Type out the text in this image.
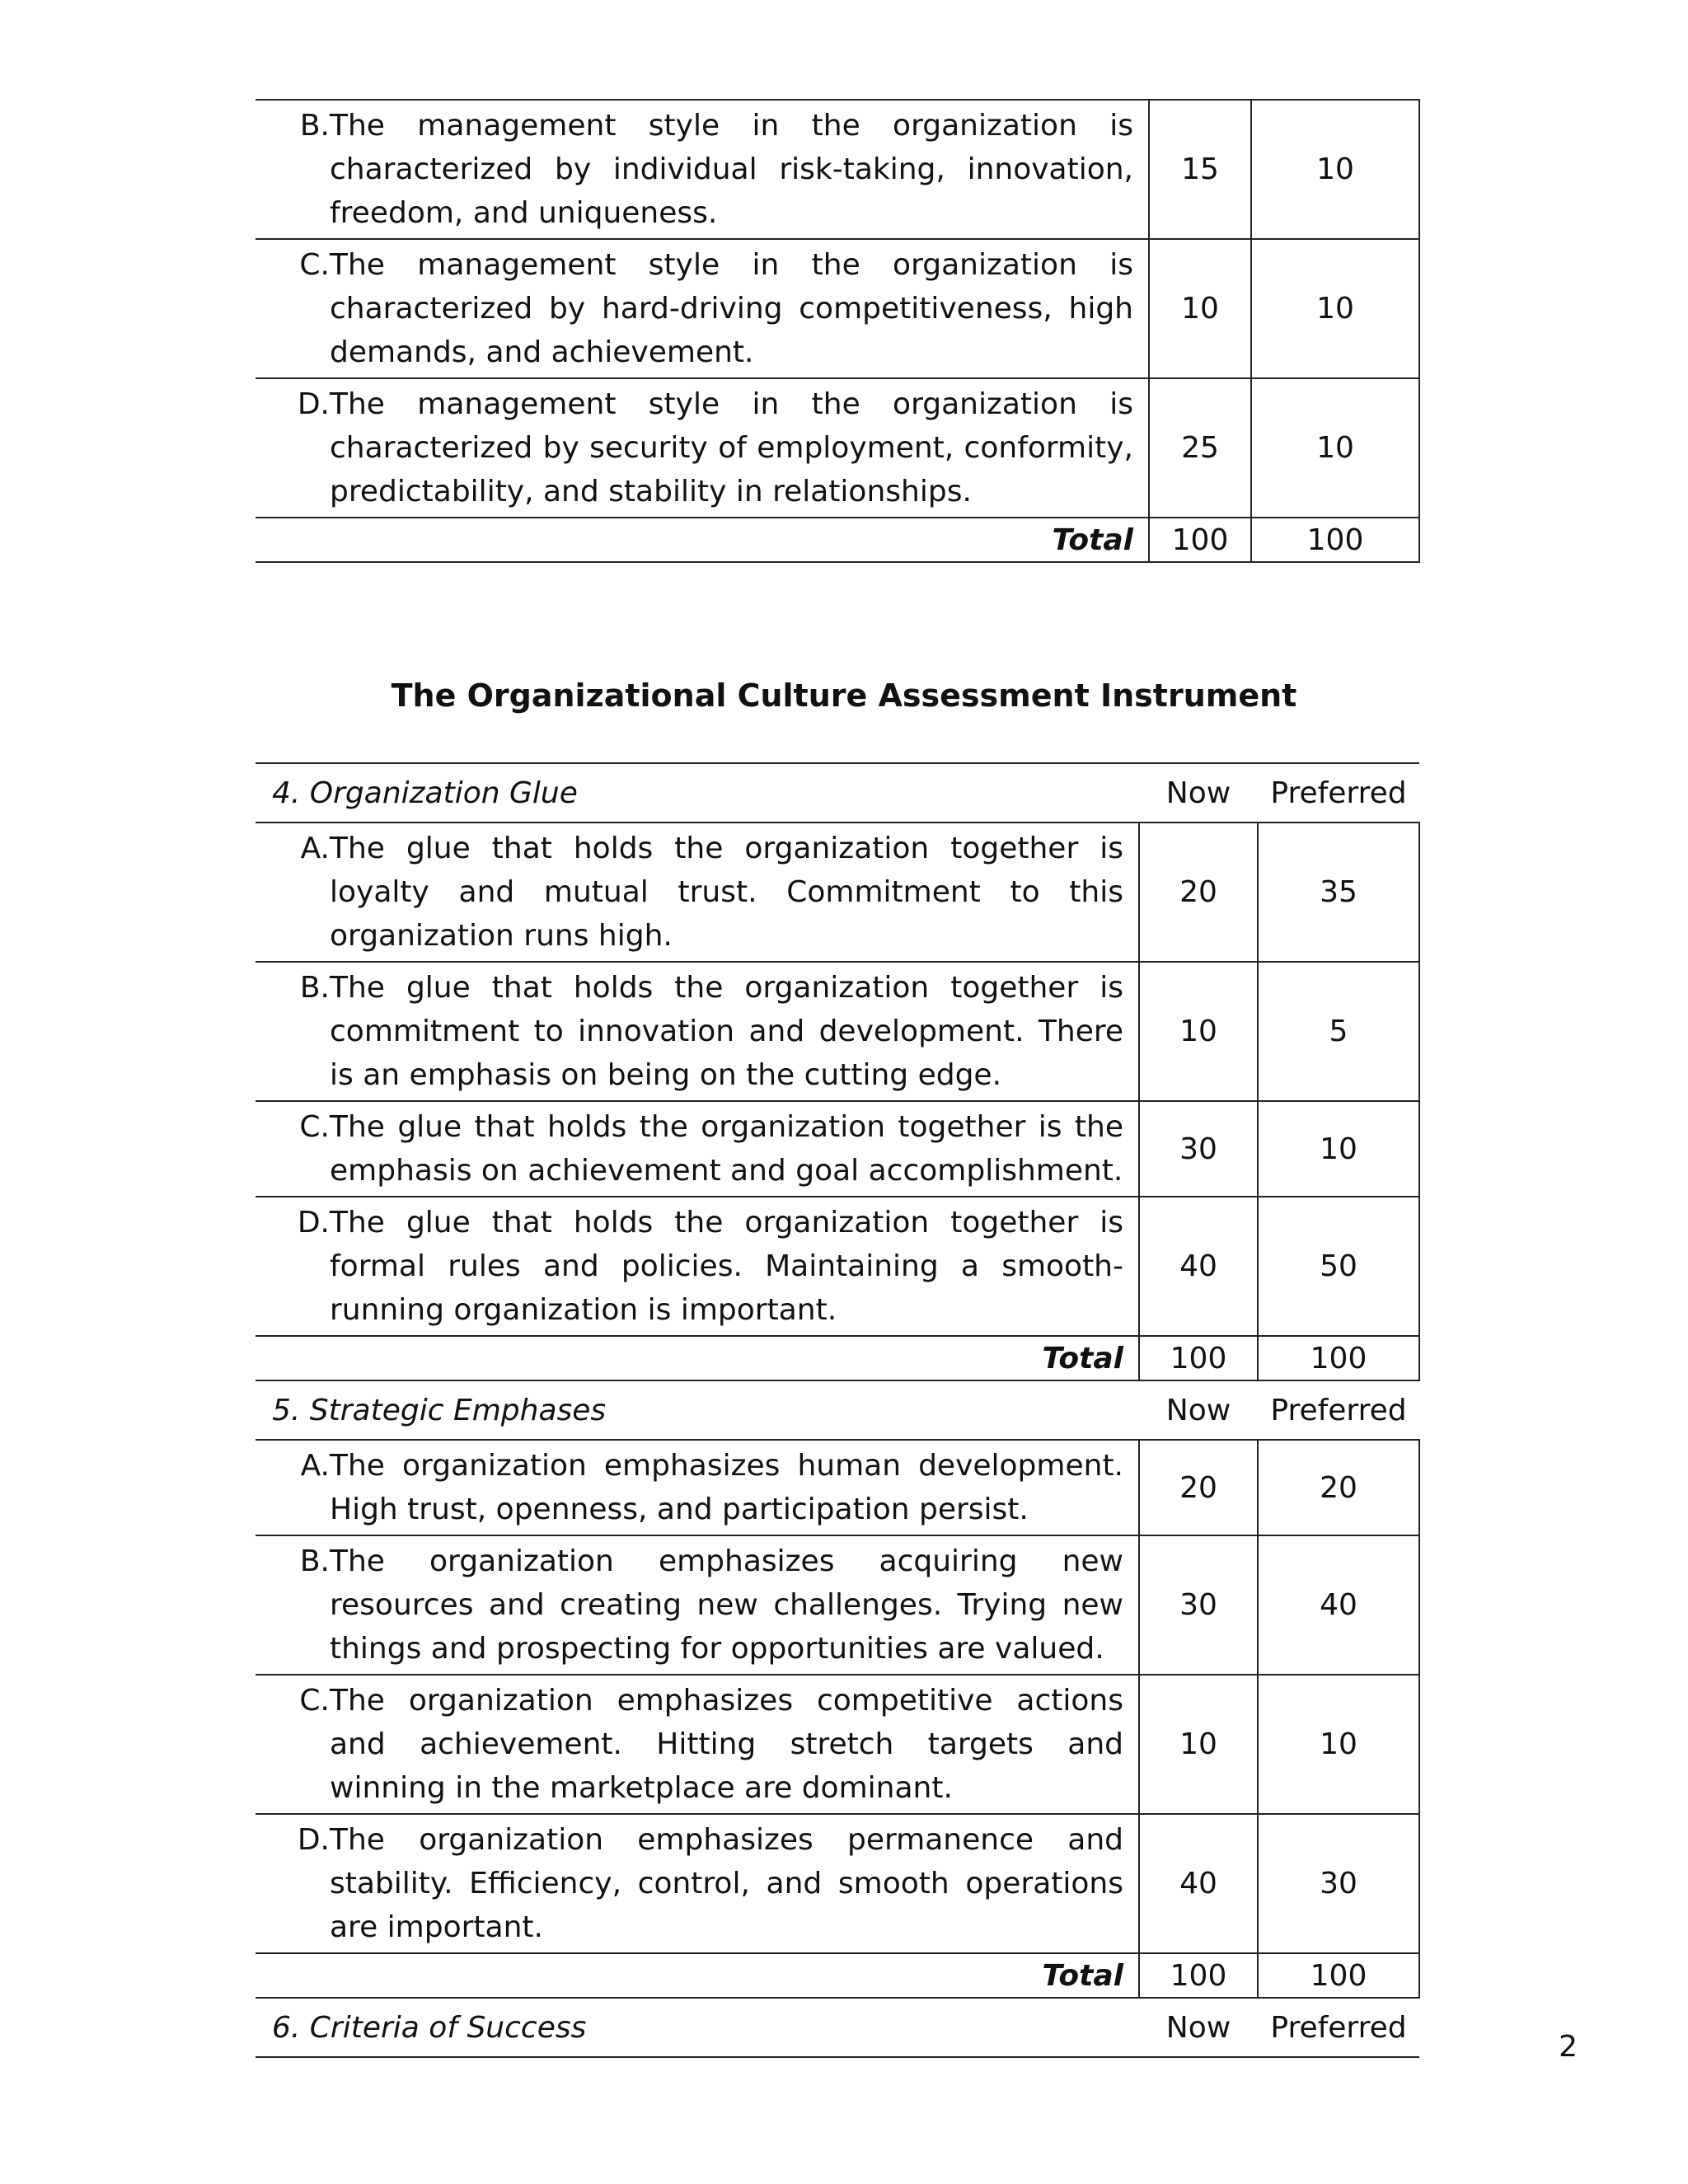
B. The management style in the organization is characterized by individual risk-taking, innovation, freedom, and uniqueness.	15	10

C. The management style in the organization is characterized by hard-driving competitiveness, high demands, and achievement.	10	10

D. The management style in the organization is characterized by security of employment, conformity, predictability, and stability in relationships.	25	10
Total	100	100
The Organizational Culture Assessment Instrument
4. Organization Glue	Now	Preferred

A. The glue that holds the organization together is loyalty and mutual trust. Commitment to this organization runs high.	20	35

B. The glue that holds the organization together is commitment to innovation and development. There is an emphasis on being on the cutting edge.	10	5

C. The glue that holds the organization together is the emphasis on achievement and goal accomplishment.	30	10

D. The glue that holds the organization together is formal rules and policies. Maintaining a smooth-running organization is important.	40	50
Total	100	100
5. Strategic Emphases	Now	Preferred

A. The organization emphasizes human development. High trust, openness, and participation persist.	20	20

B. The organization emphasizes acquiring new resources and creating new challenges. Trying new things and prospecting for opportunities are valued.	30	40

C. The organization emphasizes competitive actions and achievement. Hitting stretch targets and winning in the marketplace are dominant.	10	10

D. The organization emphasizes permanence and stability. Efficiency, control, and smooth operations are important.	40	30
Total	100	100
6. Criteria of Success	Now	Preferred
2
